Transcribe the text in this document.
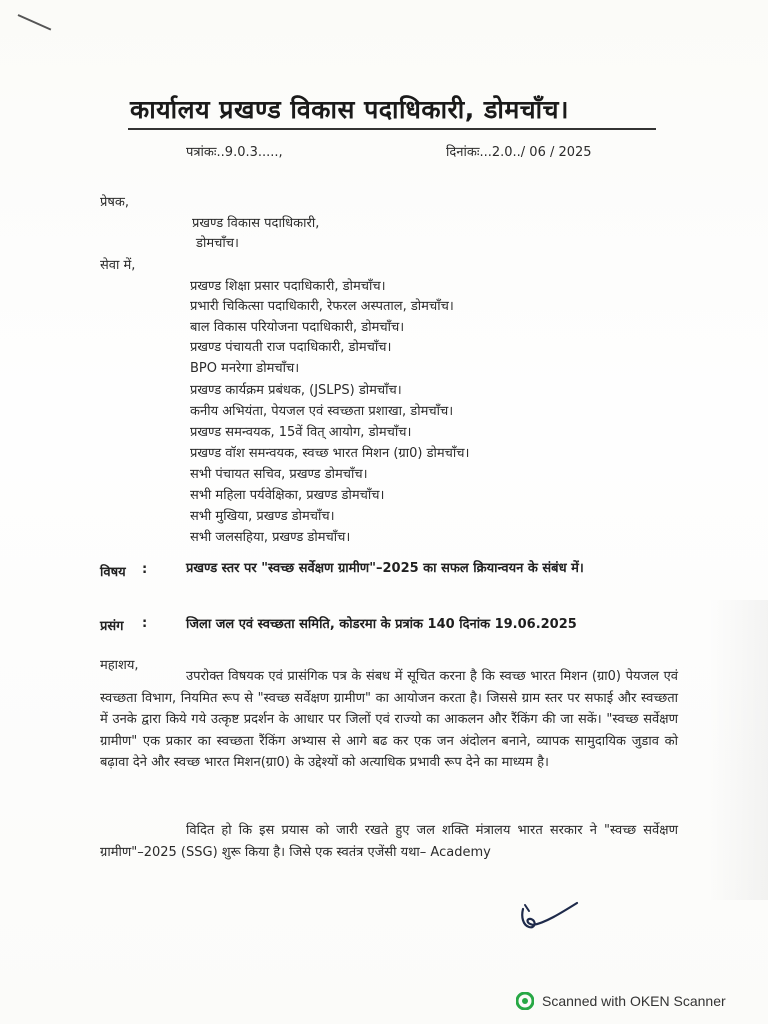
कार्यालय प्रखण्ड विकास पदाधिकारी, डोमचाँच।
पत्रांकः..9.0.3.....,	दिनांकः...2.0../ 06 / 2025
प्रेषक,
प्रखण्ड विकास पदाधिकारी,
डोमचाँच।
सेवा में,
प्रखण्ड शिक्षा प्रसार पदाधिकारी, डोमचाँच।
प्रभारी चिकित्सा पदाधिकारी, रेफरल अस्पताल, डोमचाँच।
बाल विकास परियोजना पदाधिकारी, डोमचाँच।
प्रखण्ड पंचायती राज पदाधिकारी, डोमचाँच।
BPO मनरेगा डोमचाँच।
प्रखण्ड कार्यक्रम प्रबंधक, (JSLPS) डोमचाँच।
कनीय अभियंता, पेयजल एवं स्वच्छता प्रशाखा, डोमचाँच।
प्रखण्ड समन्वयक, 15वें वित् आयोग, डोमचाँच।
प्रखण्ड वॉश समन्वयक, स्वच्छ भारत मिशन (ग्रा0) डोमचाँच।
सभी पंचायत सचिव, प्रखण्ड डोमचाँच।
सभी महिला पर्यवेक्षिका, प्रखण्ड डोमचाँच।
सभी मुखिया, प्रखण्ड डोमचाँच।
सभी जलसहिया, प्रखण्ड डोमचाँच।
विषय :	प्रखण्ड स्तर पर "स्वच्छ सर्वेक्षण ग्रामीण"–2025 का सफल क्रियान्वयन के संबंध में।
प्रसंग :	जिला जल एवं स्वच्छता समिति, कोडरमा के प्रत्रांक 140 दिनांक 19.06.2025
महाशय,
उपरोक्त विषयक एवं प्रासंगिक पत्र के संबध में सूचित करना है कि स्वच्छ भारत मिशन (ग्रा0) पेयजल एवं स्वच्छता विभाग, नियमित रूप से "स्वच्छ सर्वेक्षण ग्रामीण" का आयोजन करता है। जिससे ग्राम स्तर पर सफाई और स्वच्छता में उनके द्वारा किये गये उत्कृष्ट प्रदर्शन के आधार पर जिलों एवं राज्यो का आकलन और रैंकिंग की जा सकें। "स्वच्छ सर्वेक्षण ग्रामीण" एक प्रकार का स्वच्छता रैंकिंग अभ्यास से आगे बढ कर एक जन अंदोलन बनाने, व्यापक सामुदायिक जुडाव को बढ़ावा देने और स्वच्छ भारत मिशन(ग्रा0) के उद्देश्यों को अत्याधिक प्रभावी रूप देने का माध्यम है।
विदित हो कि इस प्रयास को जारी रखते हुए जल शक्ति मंत्रालय भारत सरकार ने "स्वच्छ सर्वेक्षण ग्रामीण"–2025 (SSG) शुरू किया है। जिसे एक स्वतंत्र एजेंसी यथा– Academy
Scanned with OKEN Scanner
